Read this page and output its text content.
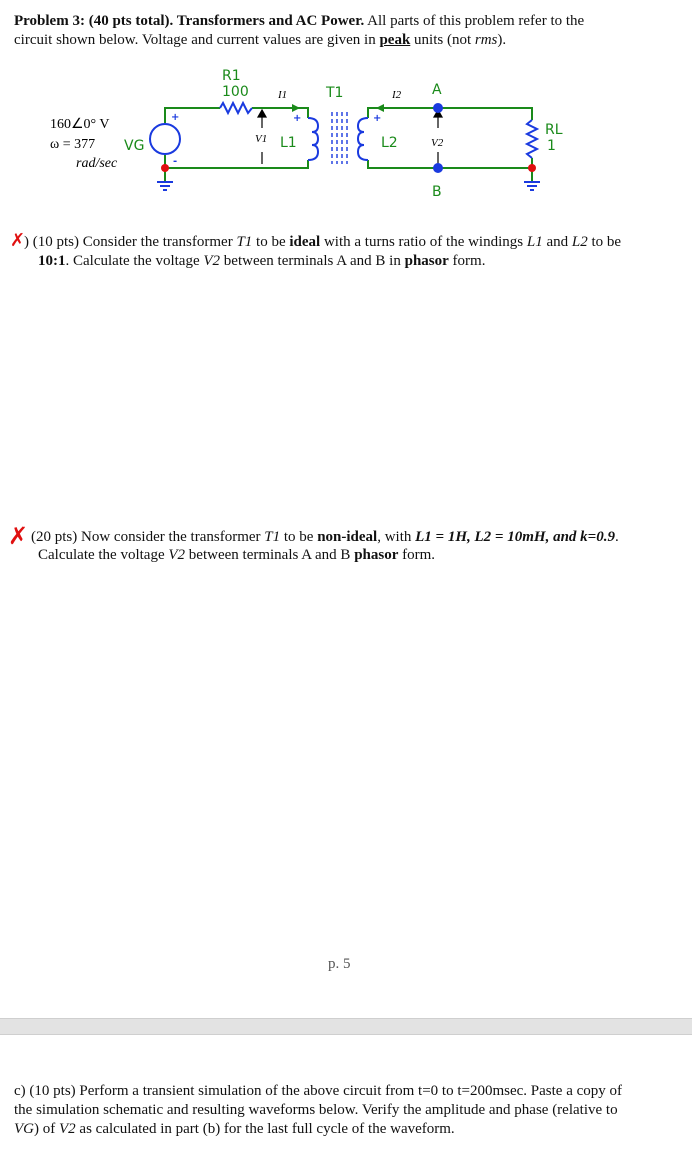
Problem 3: (40 pts total). Transformers and AC Power. All parts of this problem refer to the
circuit shown below. Voltage and current values are given in peak units (not rms).
R1
100	I1	T1	I2 A
B
160∠0° V
ω = 377
rad/sec
VG	V1 L1	L2	V2
RL
1
+
-
+	+
✗
) (10 pts) Consider the transformer T1 to be ideal with a turns ratio of the windings L1 and L2 to be
10:1. Calculate the voltage V2 between terminals A and B in phasor form.
✗ (20 pts) Now consider the transformer T1 to be non-ideal, with L1 = 1H, L2 = 10mH, and k=0.9.
Calculate the voltage V2 between terminals A and B phasor form.
p. 5
c) (10 pts) Perform a transient simulation of the above circuit from t=0 to t=200msec. Paste a copy of
the simulation schematic and resulting waveforms below. Verify the amplitude and phase (relative to
VG) of V2 as calculated in part (b) for the last full cycle of the waveform.
